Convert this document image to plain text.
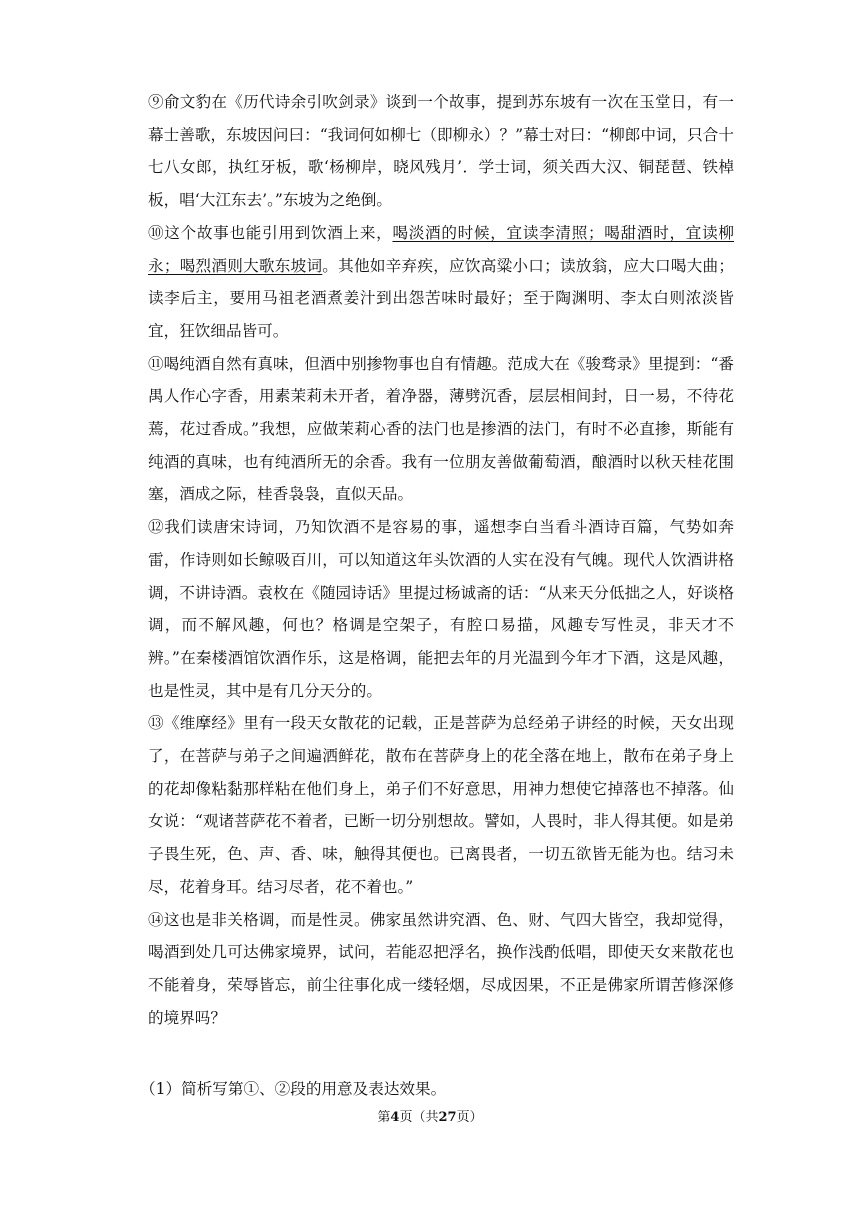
⑨俞文豹在《历代诗余引吹剑录》谈到一个故事，提到苏东坡有一次在玉堂日，有一幕士善歌，东坡因问曰：“我词何如柳七（即柳永）？”幕士对曰：“柳郎中词，只合十七八女郎，执红牙板，歌‘杨柳岸，晓风残月’．学士词，须关西大汉、铜琵琶、铁棹板，唱‘大江东去’。”东坡为之绝倒。

⑩这个故事也能引用到饮酒上来，喝淡酒的时候，宜读李清照；喝甜酒时，宜读柳永；喝烈酒则大歌东坡词。其他如辛弃疾，应饮高粱小口；读放翁，应大口喝大曲；读李后主，要用马祖老酒煮姜汁到出怨苦味时最好；至于陶渊明、李太白则浓淡皆宜，狂饮细品皆可。

⑪喝纯酒自然有真味，但酒中别掺物事也自有情趣。范成大在《骏骛录》里提到：“番禺人作心字香，用素茉莉未开者，着净器，薄劈沉香，层层相间封，日一易，不待花蔫，花过香成。”我想，应做茉莉心香的法门也是掺酒的法门，有时不必直掺，斯能有纯酒的真味，也有纯酒所无的余香。我有一位朋友善做葡萄酒，酿酒时以秋天桂花围塞，酒成之际，桂香袅袅，直似天品。

⑫我们读唐宋诗词，乃知饮酒不是容易的事，遥想李白当看斗酒诗百篇，气势如奔雷，作诗则如长鲸吸百川，可以知道这年头饮酒的人实在没有气魄。现代人饮酒讲格调，不讲诗酒。袁枚在《随园诗话》里提过杨诚斋的话：“从来天分低拙之人，好谈格调，而不解风趣，何也？格调是空架子，有腔口易描，风趣专写性灵，非天才不辨。”在秦楼酒馆饮酒作乐，这是格调，能把去年的月光温到今年才下酒，这是风趣，也是性灵，其中是有几分天分的。

⑬《维摩经》里有一段天女散花的记载，正是菩萨为总经弟子讲经的时候，天女出现了，在菩萨与弟子之间遍洒鲜花，散布在菩萨身上的花全落在地上，散布在弟子身上的花却像粘黏那样粘在他们身上，弟子们不好意思，用神力想使它掉落也不掉落。仙女说：“观诸菩萨花不着者，已断一切分别想故。譬如，人畏时，非人得其便。如是弟子畏生死，色、声、香、味，触得其便也。已离畏者，一切五欲皆无能为也。结习未尽，花着身耳。结习尽者，花不着也。”

⑭这也是非关格调，而是性灵。佛家虽然讲究酒、色、财、气四大皆空，我却觉得，喝酒到处几可达佛家境界，试问，若能忍把浮名，换作浅酌低唱，即使天女来散花也不能着身，荣辱皆忘，前尘往事化成一缕轻烟，尽成因果，不正是佛家所谓苦修深修的境界吗？

（1）简析写第①、②段的用意及表达效果。
第4页（共27页）
